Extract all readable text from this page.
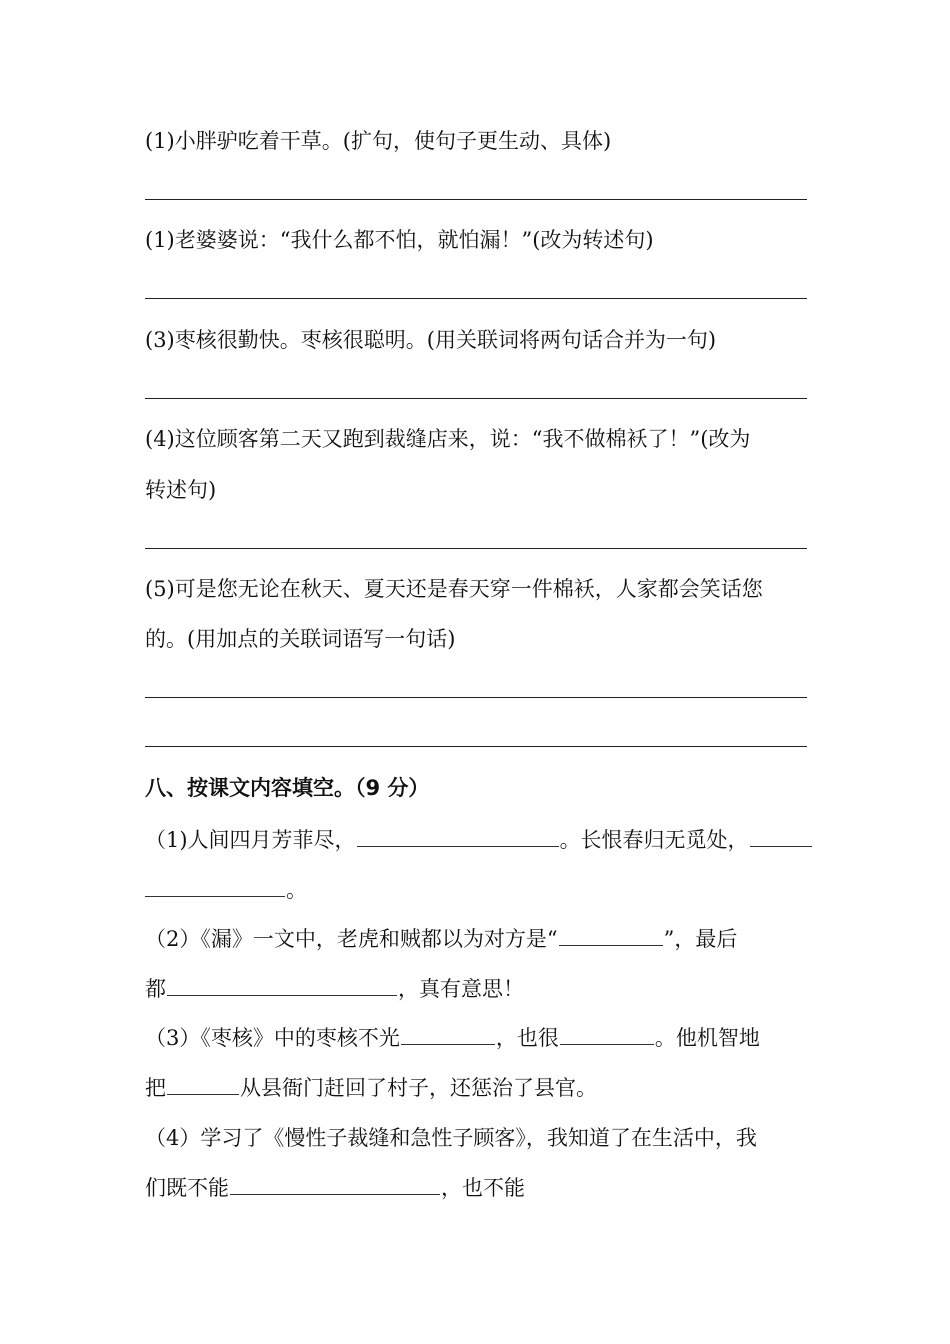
(1)小胖驴吃着干草。(扩句，使句子更生动、具体)
(1)老婆婆说：“我什么都不怕，就怕漏！”(改为转述句)
(3)枣核很勤快。枣核很聪明。(用关联词将两句话合并为一句)
(4)这位顾客第二天又跑到裁缝店来，说：“我不做棉袄了！”(改为
转述句)
(5)可是您无论在秋天、夏天还是春天穿一件棉袄，人家都会笑话您
的。(用加点的关联词语写一句话)
八、按课文内容填空。（9 分）
（1)人间四月芳菲尽，	。长恨春归无觅处，
。
（2）《漏》一文中，老虎和贼都以为对方是“	”，最后
都	，真有意思！
（3）《枣核》中的枣核不光	，也很	。他机智地
把	从县衙门赶回了村子，还惩治了县官。
（4）学习了《慢性子裁缝和急性子顾客》，我知道了在生活中，我
们既不能	，也不能
